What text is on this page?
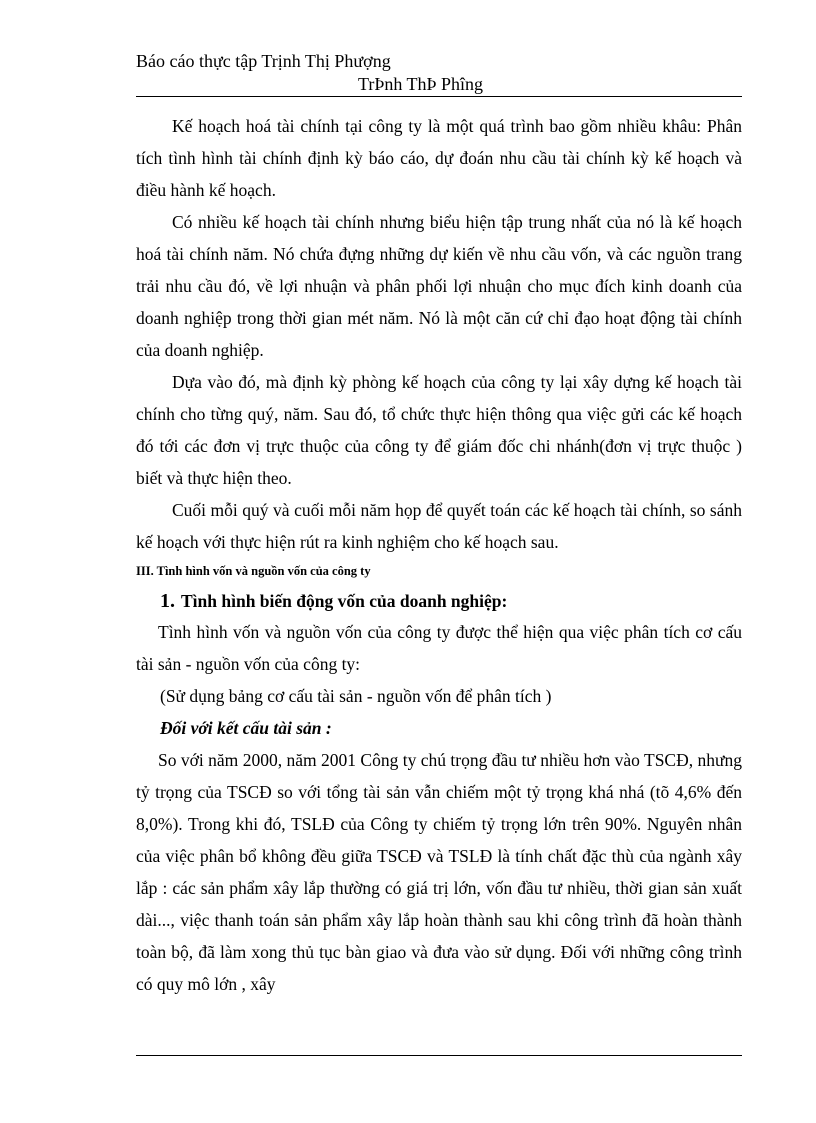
Báo cáo thực tập Trịnh Thị Phượng
TrÞnh ThÞ Phîng

Kế hoạch hoá tài chính tại công ty là một quá trình bao gồm nhiều khâu: Phân tích tình hình tài chính định kỳ báo cáo, dự đoán nhu cầu tài chính kỳ kế hoạch và điều hành kế hoạch.

Có nhiều kế hoạch tài chính nhưng biểu hiện tập trung nhất của nó là kế hoạch hoá tài chính năm. Nó chứa đựng những dự kiến về nhu cầu vốn, và các nguồn trang trải nhu cầu đó, về lợi nhuận và phân phối lợi nhuận cho mục đích kinh doanh của doanh nghiệp trong thời gian mét năm. Nó là một căn cứ chỉ đạo hoạt động tài chính của doanh nghiệp.

Dựa vào đó, mà định kỳ phòng kế hoạch của công ty lại xây dựng kế hoạch tài chính cho từng quý, năm. Sau đó, tổ chức thực hiện thông qua việc gửi các kế hoạch đó tới các đơn vị trực thuộc của công ty để giám đốc chi nhánh(đơn vị trực thuộc ) biết và thực hiện theo.

Cuối mỗi quý và cuối mỗi năm họp để quyết toán các kế hoạch tài chính, so sánh kế hoạch với thực hiện rút ra kinh nghiệm cho kế hoạch sau.

III. Tình hình vốn và nguồn vốn của công ty

1. Tình hình biến động vốn của doanh nghiệp:

Tình hình vốn và nguồn vốn của công ty được thể hiện qua việc phân tích cơ cấu tài sản - nguồn vốn của công ty:

(Sử dụng bảng cơ cấu tài sản - nguồn vốn để phân tích )

Đối với kết cấu tài sản :

So với năm 2000, năm 2001 Công ty chú trọng đầu tư nhiều hơn vào TSCĐ, nhưng tỷ trọng của TSCĐ so với tổng tài sản vẫn chiếm một tỷ trọng khá nhá (tõ 4,6% đến 8,0%). Trong khi đó, TSLĐ của Công ty chiếm tỷ trọng lớn trên 90%. Nguyên nhân của việc phân bổ không đều giữa TSCĐ và TSLĐ là tính chất đặc thù của ngành xây lắp : các sản phẩm xây lắp thường có giá trị lớn, vốn đầu tư nhiều, thời gian sản xuất dài..., việc thanh toán sản phẩm xây lắp hoàn thành sau khi công trình đã hoàn thành toàn bộ, đã làm xong thủ tục bàn giao và đưa vào sử dụng. Đối với những công trình có quy mô lớn , xây
